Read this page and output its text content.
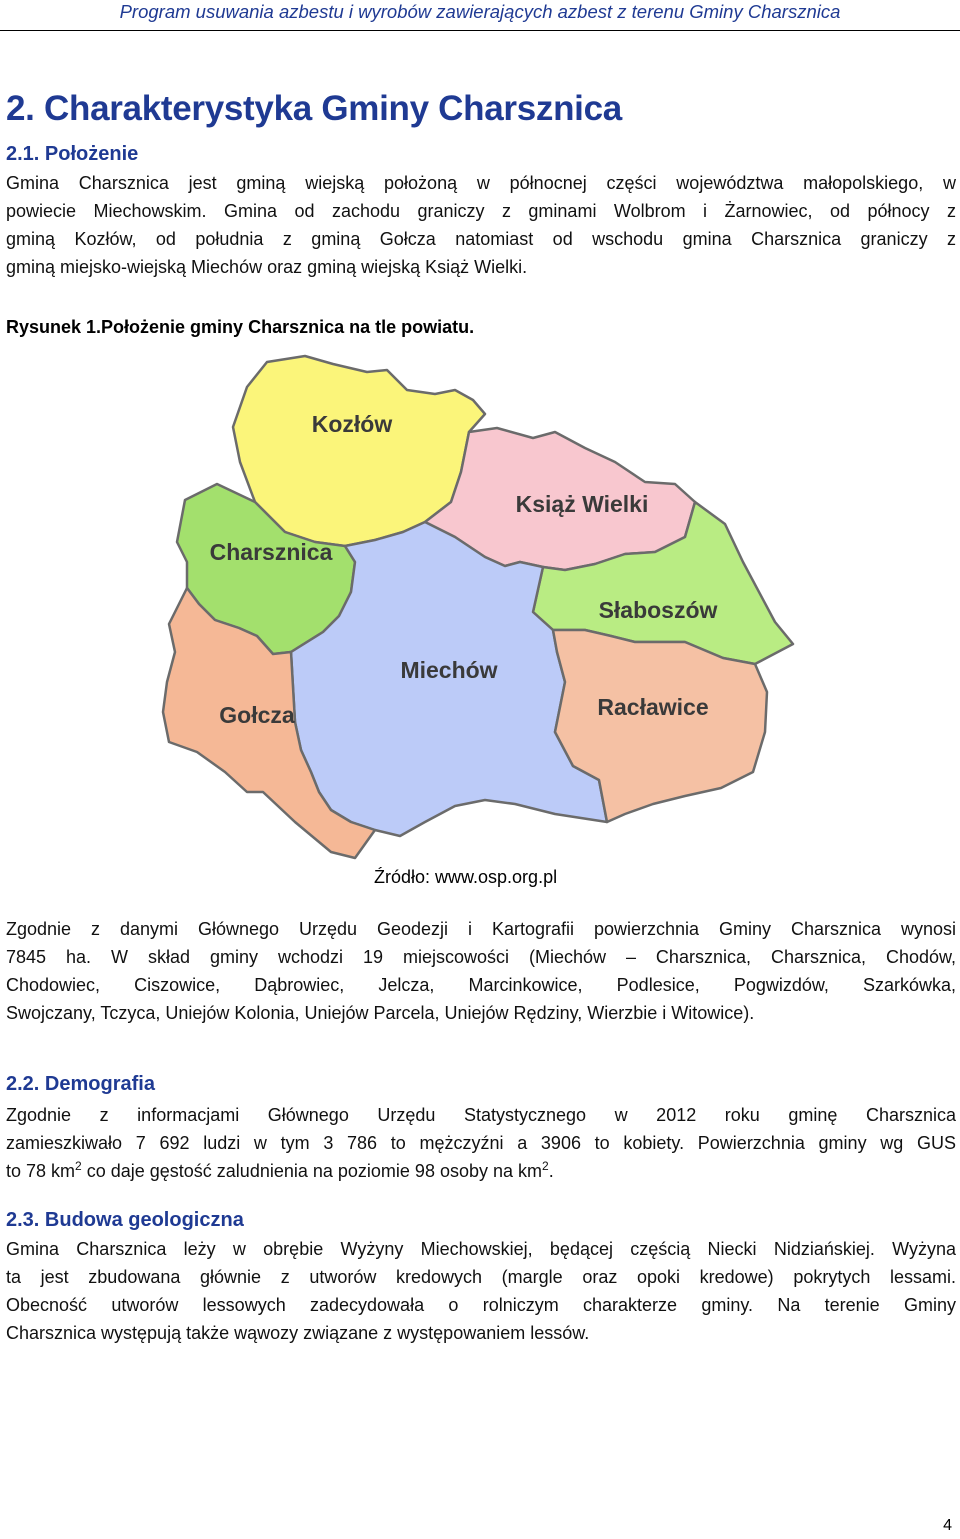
Program usuwania azbestu i wyrobów zawierających azbest z terenu Gminy Charsznica
2. Charakterystyka Gminy Charsznica
2.1. Położenie
Gmina Charsznica jest gminą wiejską położoną w północnej części województwa małopolskiego, w
powiecie Miechowskim. Gmina od zachodu graniczy z gminami Wolbrom i Żarnowiec, od północy z
gminą Kozłów, od południa z gminą Gołcza natomiast od wschodu gmina Charsznica graniczy z
gminą miejsko-wiejską Miechów oraz gminą wiejską Książ Wielki.
Rysunek 1.Położenie gminy Charsznica na tle powiatu.
Kozłów
Książ Wielki
Charsznica
Słaboszów
Miechów
Racławice
Gołcza
Źródło: www.osp.org.pl
Zgodnie z danymi Głównego Urzędu Geodezji i Kartografii powierzchnia Gminy Charsznica wynosi
7845 ha. W skład gminy wchodzi 19 miejscowości (Miechów – Charsznica, Charsznica, Chodów,
Chodowiec, Ciszowice, Dąbrowiec, Jelcza, Marcinkowice, Podlesice, Pogwizdów, Szarkówka,
Swojczany, Tczyca, Uniejów Kolonia, Uniejów Parcela, Uniejów Rędziny, Wierzbie i Witowice).
2.2. Demografia
Zgodnie z informacjami Głównego Urzędu Statystycznego w 2012 roku gminę Charsznica
zamieszkiwało 7 692 ludzi w tym 3 786 to mężczyźni a 3906 to kobiety. Powierzchnia gminy wg GUS
to 78 $km^2$ co daje gęstość zaludnienia na poziomie 98 osoby na $km^2$.
2.3. Budowa geologiczna
Gmina Charsznica leży w obrębie Wyżyny Miechowskiej, będącej częścią Niecki Nidziańskiej. Wyżyna
ta jest zbudowana głównie z utworów kredowych (margle oraz opoki kredowe) pokrytych lessami.
Obecność utworów lessowych zadecydowała o rolniczym charakterze gminy. Na terenie Gminy
Charsznica występują także wąwozy związane z występowaniem lessów.
4
